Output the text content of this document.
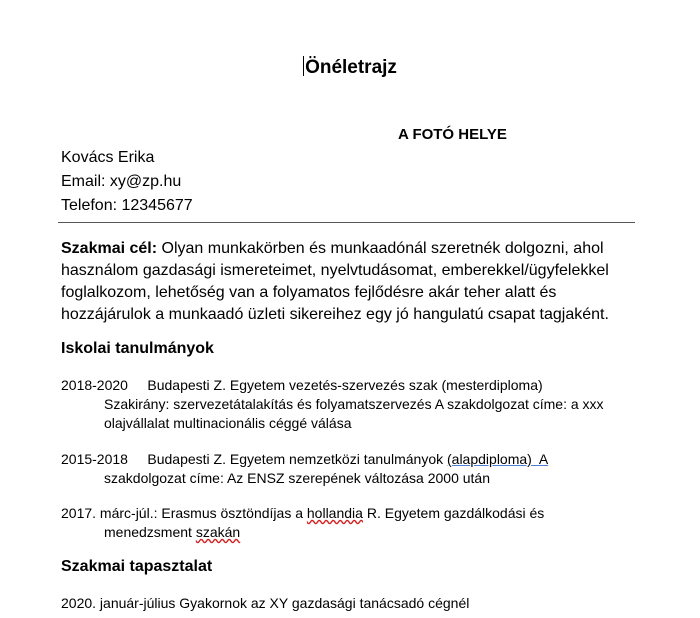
Önéletrajz
A FOTÓ HELYE
Kovács Erika
Email: xy@zp.hu
Telefon: 12345677
Szakmai cél: Olyan munkakörben és munkaadónál szeretnék dolgozni, ahol használom gazdasági ismereteimet, nyelvtudásomat, emberekkel/ügyfelekkel foglalkozom, lehetőség van a folyamatos fejlődésre akár teher alatt és hozzájárulok a munkaadó üzleti sikereihez egy jó hangulatú csapat tagjaként.
Iskolai tanulmányok
2018-2020     Budapesti Z. Egyetem vezetés-szervezés szak (mesterdiploma)
Szakirány: szervezetátalakítás és folyamatszervezés A szakdolgozat címe: a xxx olajvállalat multinacionális céggé válása
2015-2018     Budapesti Z. Egyetem nemzetközi tanulmányok (alapdiploma)  A
szakdolgozat címe: Az ENSZ szerepének változása 2000 után
2017. márc-júl.: Erasmus ösztöndíjas a hollandia R. Egyetem gazdálkodási és
menedzsment szakán
Szakmai tapasztalat
2020. január-július Gyakornok az XY gazdasági tanácsadó cégnél
